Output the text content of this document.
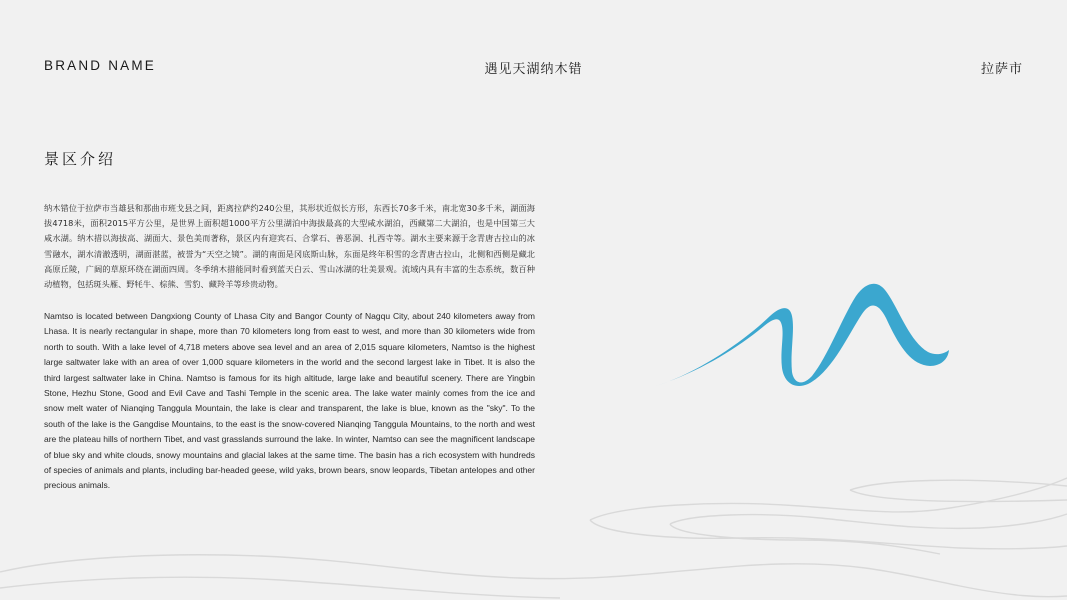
BRAND NAME	遇见天湖纳木错	拉萨市
景区介绍

纳木错位于拉萨市当雄县和那曲市班戈县之间，距离拉萨约240公里，其形状近似长方形，东西长70多千米，南北宽30多千米，湖面海拔4718米，面积2015平方公里，是世界上面积超1000平方公里湖泊中海拔最高的大型咸水湖泊，西藏第二大湖泊，也是中国第三大咸水湖。纳木措以海拔高、湖面大、景色美而著称，景区内有迎宾石、合掌石、善恶洞、扎西寺等。湖水主要来源于念青唐古拉山的冰雪融水，湖水清澈透明，湖面湛蓝，被誉为“天空之镜”。湖的南面是冈底斯山脉，东面是终年积雪的念青唐古拉山，北侧和西侧是藏北高原丘陵，广阔的草原环绕在湖面四周。冬季纳木措能同时看到蓝天白云、雪山冰湖的壮美景观。流域内具有丰富的生态系统，数百种动植物，包括斑头雁、野牦牛、棕熊、雪豹、藏羚羊等珍贵动物。

Namtso is located between Dangxiong County of Lhasa City and Bangor County of Nagqu City, about 240 kilometers away from Lhasa. It is nearly rectangular in shape, more than 70 kilometers long from east to west, and more than 30 kilometers wide from north to south. With a lake level of 4,718 meters above sea level and an area of 2,015 square kilometers, Namtso is the highest large saltwater lake with an area of over 1,000 square kilometers in the world and the second largest lake in Tibet. It is also the third largest saltwater lake in China. Namtso is famous for its high altitude, large lake and beautiful scenery. There are Yingbin Stone, Hezhu Stone, Good and Evil Cave and Tashi Temple in the scenic area. The lake water mainly comes from the ice and snow melt water of Nianqing Tanggula Mountain, the lake is clear and transparent, the lake is blue, known as the "sky". To the south of the lake is the Gangdise Mountains, to the east is the snow-covered Nianqing Tanggula Mountains, to the north and west are the plateau hills of northern Tibet, and vast grasslands surround the lake. In winter, Namtso can see the magnificent landscape of blue sky and white clouds, snowy mountains and glacial lakes at the same time. The basin has a rich ecosystem with hundreds of species of animals and plants, including bar-headed geese, wild yaks, brown bears, snow leopards, Tibetan antelopes and other precious animals.
